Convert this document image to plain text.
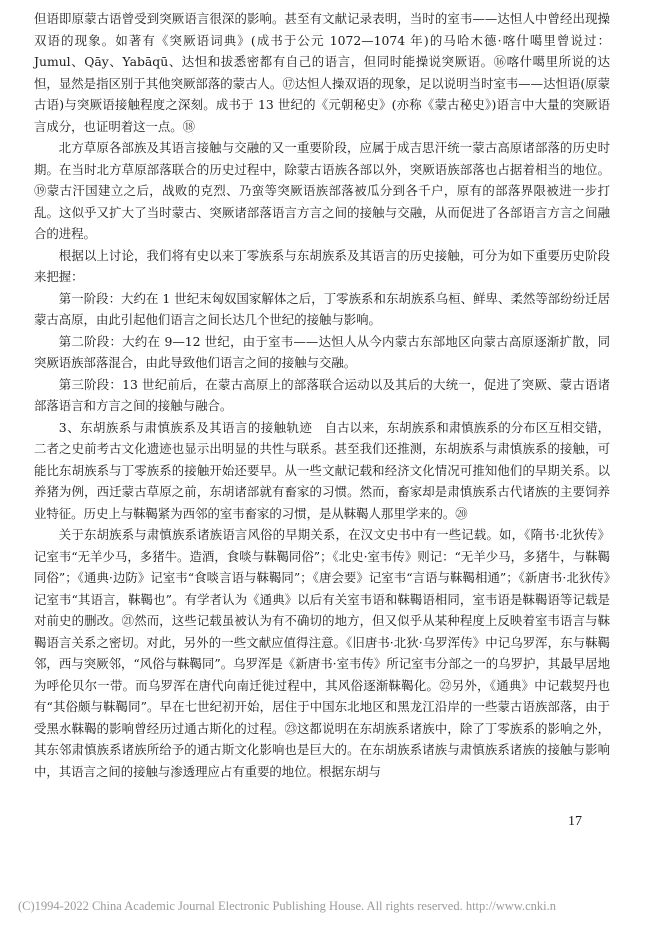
但语即原蒙古语曾受到突厥语言很深的影响。甚至有文献记录表明，当时的室韦——达怛人中曾经出现操双语的现象。如著有《突厥语词典》(成书于公元 1072—1074 年)的马哈木德·喀什噶里曾说过：Jumul、Qāy、Yabāqū、达怛和拔悉密都有自己的语言，但同时能操说突厥语。⑯喀什噶里所说的达怛，显然是指区别于其他突厥部落的蒙古人。⑰达怛人操双语的现象，足以说明当时室韦——达怛语(原蒙古语)与突厥语接触程度之深刻。成书于 13 世纪的《元朝秘史》(亦称《蒙古秘史》)语言中大量的突厥语言成分，也证明着这一点。⑱

北方草原各部族及其语言接触与交融的又一重要阶段，应属于成吉思汗统一蒙古高原诸部落的历史时期。在当时北方草原部落联合的历史过程中，除蒙古语族各部以外，突厥语族部落也占据着相当的地位。⑲蒙古汗国建立之后，战败的克烈、乃蛮等突厥语族部落被瓜分到各千户，原有的部落界限被进一步打乱。这似乎又扩大了当时蒙古、突厥诸部落语言方言之间的接触与交融，从而促进了各部语言方言之间融合的进程。

根据以上讨论，我们将有史以来丁零族系与东胡族系及其语言的历史接触，可分为如下重要历史阶段来把握：

第一阶段：大约在 1 世纪末匈奴国家解体之后，丁零族系和东胡族系乌桓、鲜卑、柔然等部纷纷迁居蒙古高原，由此引起他们语言之间长达几个世纪的接触与影响。

第二阶段：大约在 9—12 世纪，由于室韦——达怛人从今内蒙古东部地区向蒙古高原逐渐扩散，同突厥语族部落混合，由此导致他们语言之间的接触与交融。

第三阶段：13 世纪前后，在蒙古高原上的部落联合运动以及其后的大统一，促进了突厥、蒙古语诸部落语言和方言之间的接触与融合。

3、东胡族系与肃慎族系及其语言的接触轨迹　 自古以来，东胡族系和肃慎族系的分布区互相交错，二者之史前考古文化遗迹也显示出明显的共性与联系。甚至我们还推测，东胡族系与肃慎族系的接触，可能比东胡族系与丁零族系的接触开始还要早。从一些文献记载和经济文化情况可推知他们的早期关系。以养猪为例，西迁蒙古草原之前，东胡诸部就有畜家的习惯。然而，畜家却是肃慎族系古代诸族的主要饲养业特征。历史上与靺鞨紧为西邻的室韦畜家的习惯，是从靺鞨人那里学来的。⑳

关于东胡族系与肃慎族系诸族语言风俗的早期关系，在汉文史书中有一些记载。如，《隋书·北狄传》记室韦“无羊少马，多猪牛。造酒，食啖与靺鞨同俗”；《北史·室韦传》则记：“无羊少马，多猪牛，与靺鞨同俗”；《通典·边防》记室韦“食啖言语与靺鞨同”；《唐会要》记室韦“言语与靺鞨相通”；《新唐书·北狄传》记室韦“其语言，靺鞨也”。有学者认为《通典》以后有关室韦语和靺鞨语相同，室韦语是靺鞨语等记载是对前史的删改。㉑然而，这些记载虽被认为有不确切的地方，但又似乎从某种程度上反映着室韦语言与靺鞨语言关系之密切。对此，另外的一些文献应值得注意。《旧唐书·北狄·乌罗浑传》中记乌罗浑，东与靺鞨邻，西与突厥邻，“风俗与靺鞨同”。乌罗浑是《新唐书·室韦传》所记室韦分部之一的乌罗护，其最早居地为呼伦贝尔一带。而乌罗浑在唐代向南迁徙过程中，其风俗逐渐靺鞨化。㉒另外，《通典》中记载契丹也有“其俗颇与靺鞨同”。早在七世纪初开始，居住于中国东北地区和黑龙江沿岸的一些蒙古语族部落，由于受黑水靺鞨的影响曾经历过通古斯化的过程。㉓这都说明在东胡族系诸族中，除了丁零族系的影响之外，其东邻肃慎族系诸族所给予的通古斯文化影响也是巨大的。在东胡族系诸族与肃慎族系诸族的接触与影响中，其语言之间的接触与渗透理应占有重要的地位。根据东胡与

17
(C)1994-2022 China Academic Journal Electronic Publishing House. All rights reserved. http://www.cnki.n
